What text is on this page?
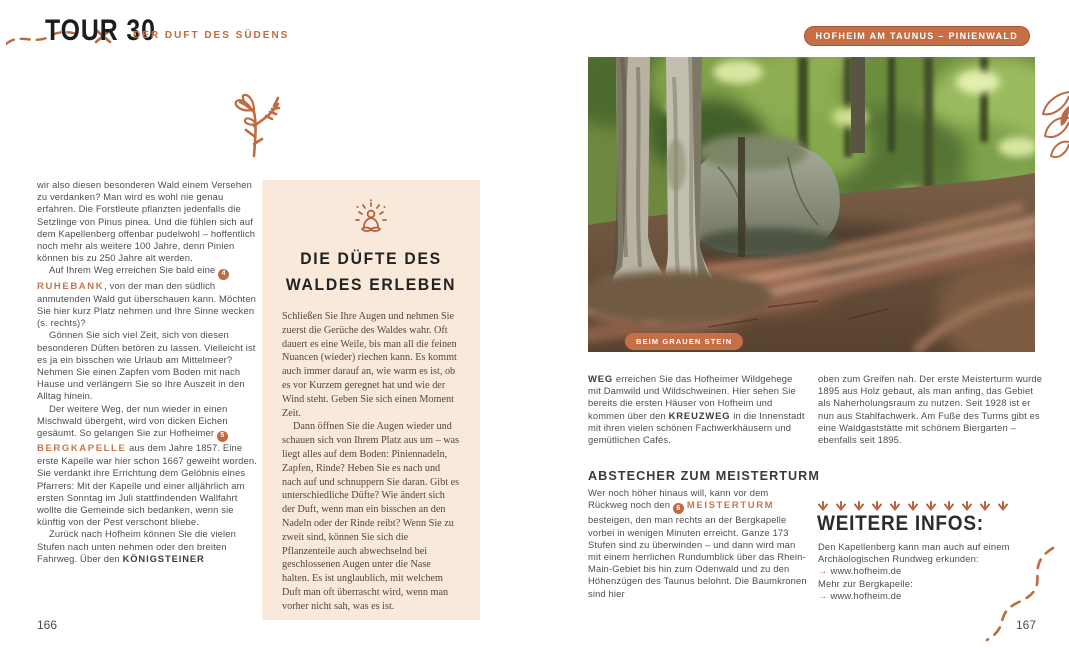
TOUR 30
DER DUFT DES SÜDENS	HOFHEIM AM TAUNUS – PINIENWALD

wir also diesen besonderen Wald einem Versehen zu verdanken? Man wird es wohl nie genau erfahren. Die Forstleute pflanzten jedenfalls die Setzlinge von Pinus pinea. Und die fühlen sich auf dem Kapellenberg offenbar pudelwohl – hoffentlich noch mehr als weitere 100 Jahre, denn Pinien können bis zu 250 Jahre alt werden.

Auf Ihrem Weg erreichen Sie bald eine 4RUHEBANK, von der man den südlich anmutenden Wald gut überschauen kann. Möchten Sie hier kurz Platz nehmen und Ihre Sinne wecken (s. rechts)?

Gönnen Sie sich viel Zeit, sich von diesen besonderen Düften betören zu lassen. Vielleicht ist es ja ein bisschen wie Urlaub am Mittelmeer? Nehmen Sie einen Zapfen vom Boden mit nach Hause und verlängern Sie so Ihre Auszeit in den Alltag hinein.

Der weitere Weg, der nun wieder in einen Mischwald übergeht, wird von dicken Eichen gesäumt. So gelangen Sie zur Hofheimer 5BERGKAPELLE aus dem Jahre 1857. Eine erste Kapelle war hier schon 1667 geweiht worden. Sie verdankt ihre Errichtung dem Gelöbnis eines Pfarrers: Mit der Kapelle und einer alljährlich am ersten Sonntag im Juli stattfindenden Wallfahrt wollte die Gemeinde sich bedanken, wenn sie künftig von der Pest verschont bliebe.

Zurück nach Hofheim können Sie die vielen Stufen nach unten nehmen oder den breiten Fahrweg. Über den KÖNIGSTEINER

DIE DÜFTE DES
WALDES ERLEBEN

Schließen Sie Ihre Augen und nehmen Sie zuerst die Gerüche des Waldes wahr. Oft dauert es eine Weile, bis man all die feinen Nuancen (wieder) riechen kann. Es kommt auch immer darauf an, wie warm es ist, ob es vor Kurzem geregnet hat und wie der Wind steht. Geben Sie sich einen Moment Zeit.

Dann öffnen Sie die Augen wieder und schauen sich von Ihrem Platz aus um – was liegt alles auf dem Boden: Piniennadeln, Zapfen, Rinde? Heben Sie es nach und nach auf und schnuppern Sie daran. Gibt es unterschiedliche Düfte? Wie ändert sich der Duft, wenn man ein bisschen an den Nadeln oder der Rinde reibt? Wenn Sie zu zweit sind, können Sie sich die Pflanzenteile auch abwechselnd bei geschlossenen Augen unter die Nase halten. Es ist unglaublich, mit welchem Duft man oft überrascht wird, wenn man vorher nicht sah, was es ist.

BEIM GRAUEN STEIN

WEG erreichen Sie das Hofheimer Wildgehege mit Damwild und Wildschweinen. Hier sehen Sie bereits die ersten Häuser von Hofheim und kommen über den KREUZWEG in die Innenstadt mit ihren vielen schönen Fachwerkhäusern und gemütlichen Cafés.

ABSTECHER ZUM MEISTERTURM

Wer noch höher hinaus will, kann vor dem Rückweg noch den 6 MEISTERTURM besteigen, den man rechts an der Bergkapelle vorbei in wenigen Minuten erreicht. Ganze 173 Stufen sind zu überwinden – und dann wird man mit einem herrlichen Rundumblick über das Rhein-Main-Gebiet bis hin zum Odenwald und zu den Höhenzügen des Taunus belohnt. Die Baumkronen sind hier

oben zum Greifen nah. Der erste Meisterturm wurde 1895 aus Holz gebaut, als man anfing, das Gebiet als Naherholungsraum zu nutzen. Seit 1928 ist er nun aus Stahlfachwerk. Am Fuße des Turms gibt es eine Waldgaststätte mit schönem Biergarten – ebenfalls seit 1895.

WEITERE INFOS:

Den Kapellenberg kann man auch auf einem Archäologischen Rundweg erkunden:

→ www.hofheim.de

Mehr zur Bergkapelle:

→ www.hofheim.de

166	167
